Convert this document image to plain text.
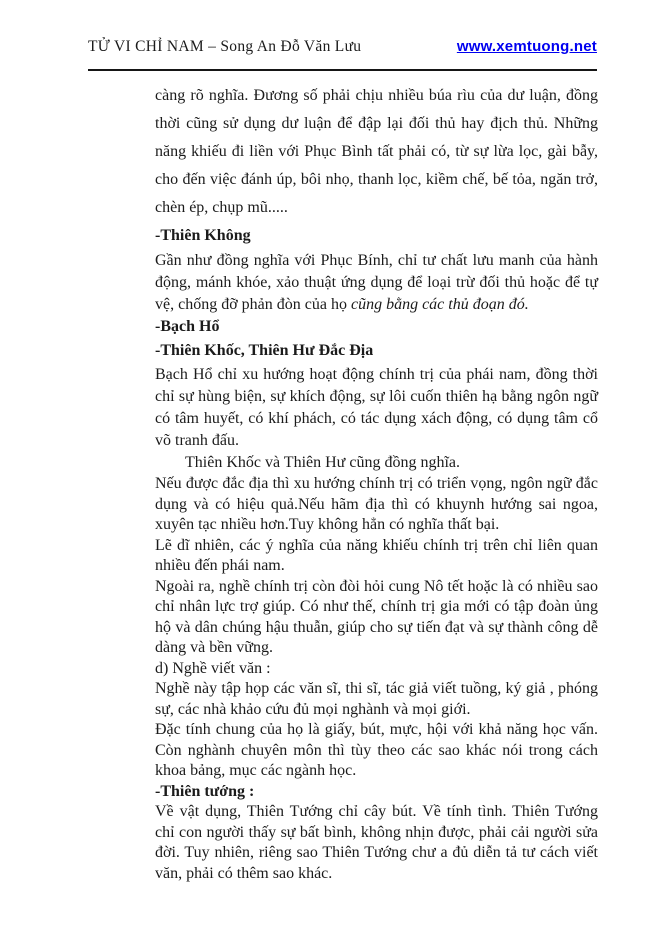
TỬ VI CHỈ NAM – Song An Đỗ Văn Lưu	www.xemtuong.net

càng rõ nghĩa. Đương số phải chịu nhiều búa rìu của dư luận, đồng thời cũng sử dụng dư luận để đập lại đối thủ hay địch thủ. Những năng khiếu đi liền với Phục Bình tất phải có, từ sự lừa lọc, gài bẫy, cho đến việc đánh úp, bôi nhọ, thanh lọc, kiềm chế, bế tỏa, ngăn trở, chèn ép, chụp mũ.....

-Thiên Không

Gần như đồng nghĩa với Phục Bính, chỉ tư chất lưu manh của hành động, mánh khóe, xảo thuật ứng dụng để loại trừ đối thủ hoặc để tự vệ, chống đỡ phản đòn của họ cũng bằng các thủ đoạn đó.

-Bạch Hổ
-Thiên Khốc, Thiên Hư Đắc Địa

Bạch Hổ chỉ xu hướng hoạt động chính trị của phái nam, đồng thời chỉ sự hùng biện, sự khích động, sự lôi cuốn thiên hạ bằng ngôn ngữ có tâm huyết, có khí phách, có tác dụng xách động, có dụng tâm cổ võ tranh đấu.

Thiên Khốc và Thiên Hư cũng đồng nghĩa.

Nếu được đắc địa thì xu hướng chính trị có triển vọng, ngôn ngữ đắc dụng và có hiệu quả.Nếu hãm địa thì có khuynh hướng sai ngoa, xuyên tạc nhiều hơn.Tuy không hẳn có nghĩa thất bại.

Lẽ dĩ nhiên, các ý nghĩa của năng khiếu chính trị trên chỉ liên quan nhiều đến phái nam.

Ngoài ra, nghề chính trị còn đòi hỏi cung Nô tết hoặc là có nhiều sao chỉ nhân lực trợ giúp. Có như thế, chính trị gia mới có tập đoàn ủng hộ và dân chúng hậu thuẫn, giúp cho sự tiến đạt và sự thành công dễ dàng và bền vững.

d) Nghề viết văn :

Nghề này tập họp các văn sĩ, thi sĩ, tác giả viết tuồng, ký giả , phóng sự, các nhà khảo cứu đủ mọi nghành và mọi giới.

Đặc tính chung của họ là giấy, bút, mực, hội với khả năng học vấn. Còn nghành chuyên môn thì tùy theo các sao khác nói trong cách khoa bảng, mục các ngành học.

-Thiên tướng :

Về vật dụng, Thiên Tướng chỉ cây bút. Về tính tình. Thiên Tướng chỉ con người thấy sự bất bình, không nhịn được, phải cải người sửa đời. Tuy nhiên, riêng sao Thiên Tướng chư a đủ diễn tả tư cách viết văn, phải có thêm sao khác.
